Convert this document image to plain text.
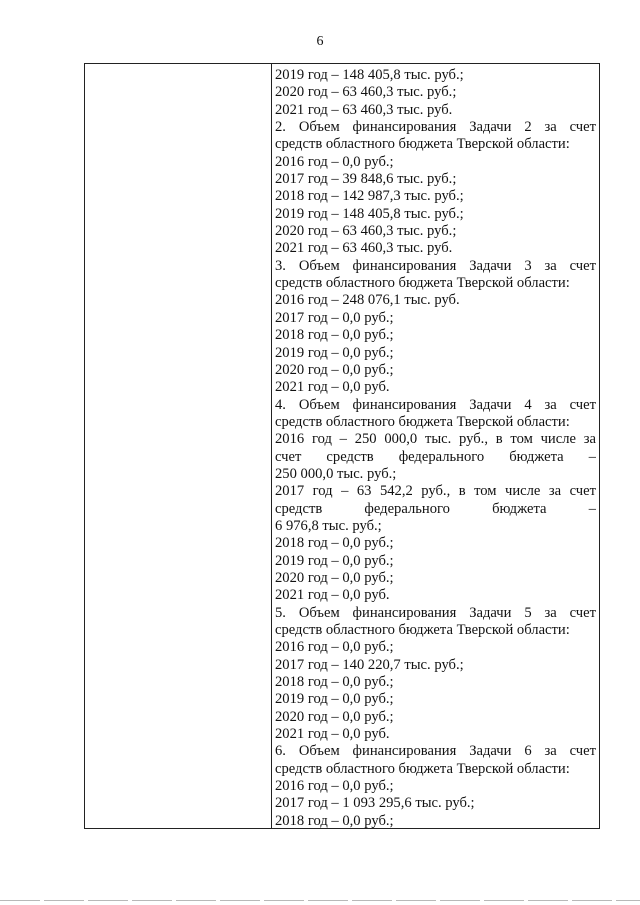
6
2019 год – 148 405,8 тыс. руб.;
2020 год – 63 460,3 тыс. руб.;
2021 год – 63 460,3 тыс. руб.
2. Объем финансирования Задачи 2 за счет
средств областного бюджета Тверской области:
2016 год – 0,0 руб.;
2017 год – 39 848,6 тыс. руб.;
2018 год – 142 987,3 тыс. руб.;
2019 год – 148 405,8 тыс. руб.;
2020 год – 63 460,3 тыс. руб.;
2021 год – 63 460,3 тыс. руб.
3. Объем финансирования Задачи 3 за счет
средств областного бюджета Тверской области:
2016 год – 248 076,1 тыс. руб.
2017 год – 0,0 руб.;
2018 год – 0,0 руб.;
2019 год – 0,0 руб.;
2020 год – 0,0 руб.;
2021 год – 0,0 руб.
4. Объем финансирования Задачи 4 за счет
средств областного бюджета Тверской области:
2016 год – 250 000,0 тыс. руб., в том числе за
счет средств федерального бюджета –
250 000,0 тыс. руб.;
2017 год – 63 542,2 руб., в том числе за счет
средств федерального бюджета –
6 976,8 тыс. руб.;
2018 год – 0,0 руб.;
2019 год – 0,0 руб.;
2020 год – 0,0 руб.;
2021 год – 0,0 руб.
5. Объем финансирования Задачи 5 за счет
средств областного бюджета Тверской области:
2016 год – 0,0 руб.;
2017 год – 140 220,7 тыс. руб.;
2018 год – 0,0 руб.;
2019 год – 0,0 руб.;
2020 год – 0,0 руб.;
2021 год – 0,0 руб.
6. Объем финансирования Задачи 6 за счет
средств областного бюджета Тверской области:
2016 год – 0,0 руб.;
2017 год – 1 093 295,6 тыс. руб.;
2018 год – 0,0 руб.;
